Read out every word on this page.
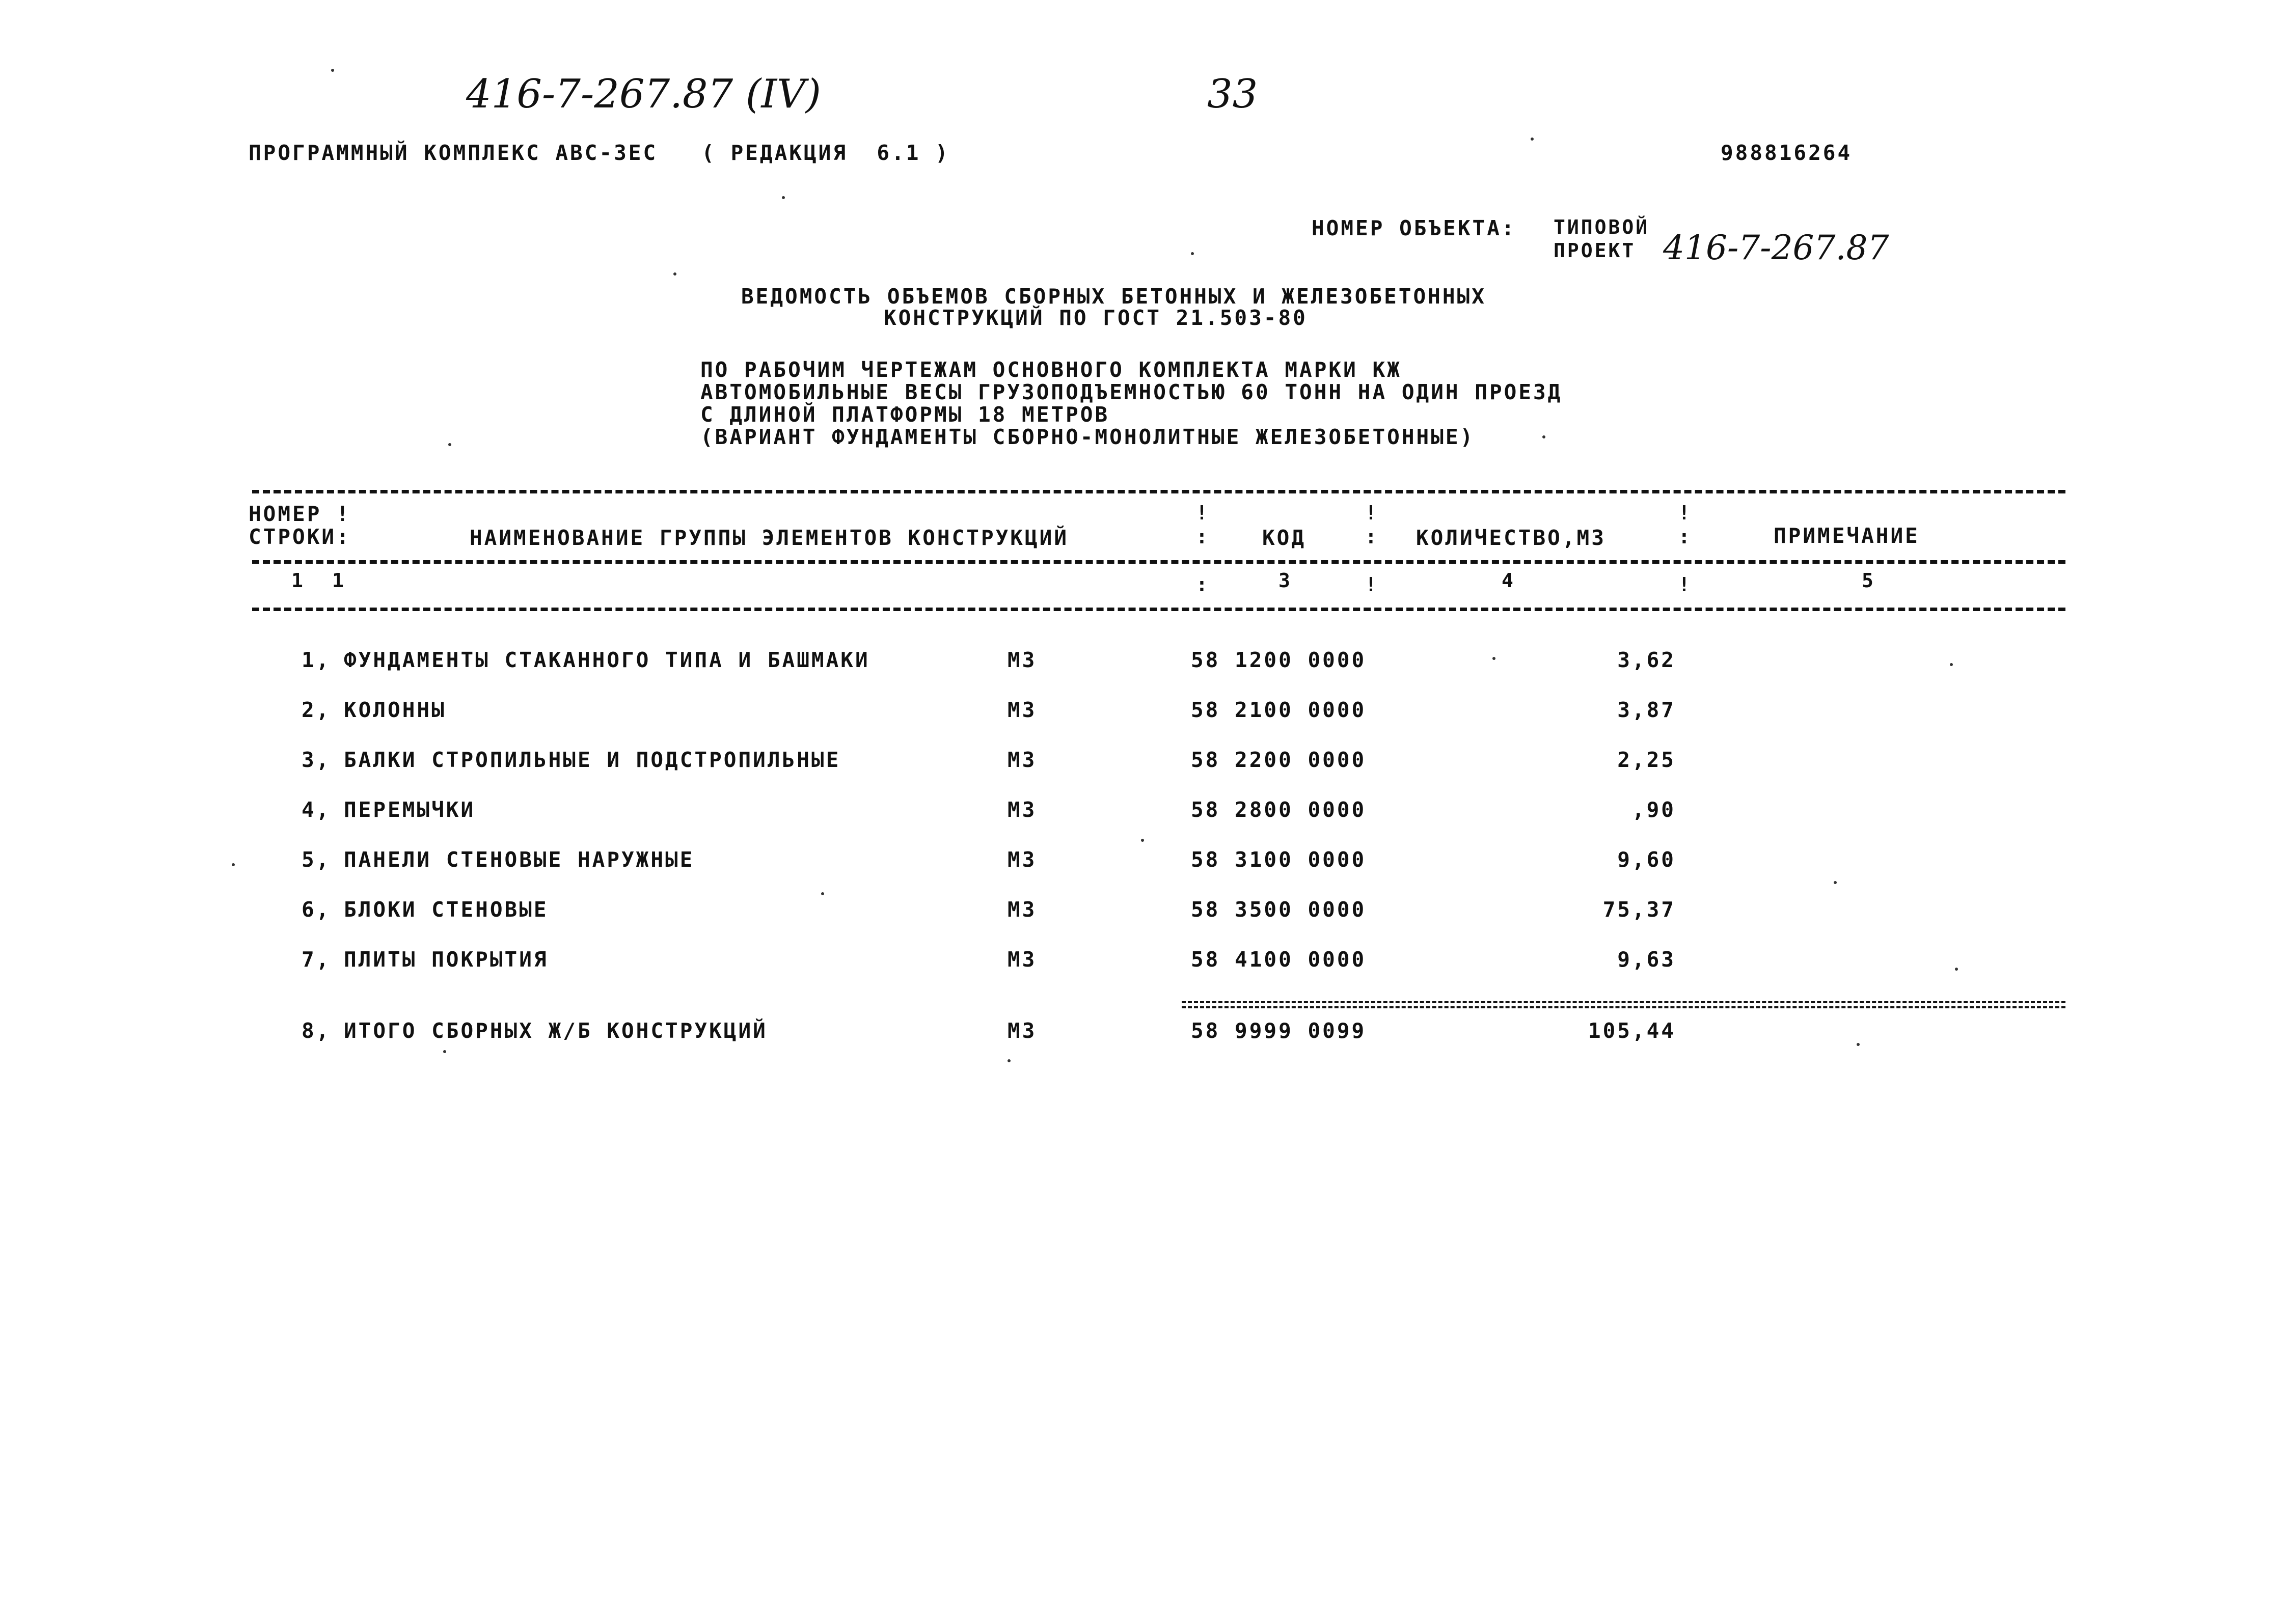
416-7-267.87 (IV)	33
ПРОГРАММНЫЙ КОМПЛЕКС АВС-3ЕС   ( РЕДАКЦИЯ  6.1 )	988816264
НОМЕР ОБЪЕКТА: ТИПОВОЙ
ПРОЕКТ 416-7-267.87
ВЕДОМОСТЬ ОБЪЕМОВ СБОРНЫХ БЕТОННЫХ И ЖЕЛЕЗОБЕТОННЫХ
КОНСТРУКЦИЙ ПО ГОСТ 21.503-80
ПО РАБОЧИМ ЧЕРТЕЖАМ ОСНОВНОГО КОМПЛЕКТА МАРКИ КЖ
АВТОМОБИЛЬНЫЕ ВЕСЫ ГРУЗОПОДЪЕМНОСТЬЮ 60 ТОНН НА ОДИН ПРОЕЗД
С ДЛИНОЙ ПЛАТФОРМЫ 18 МЕТРОВ
(ВАРИАНТ ФУНДАМЕНТЫ СБОРНО-МОНОЛИТНЫЕ ЖЕЛЕЗОБЕТОННЫЕ)
НОМЕР !
СТРОКИ:	НАИМЕНОВАНИЕ ГРУППЫ ЭЛЕМЕНТОВ КОНСТРУКЦИЙ	КОД	КОЛИЧЕСТВО,М3	ПРИМЕЧАНИЕ
!
:
!
:
!
:
1 1	:	3	!	4	!	5
1, ФУНДАМЕНТЫ СТАКАННОГО ТИПА И БАШМАКИ	М3	58 1200 0000	3,62
2, КОЛОННЫ	М3	58 2100 0000	3,87
3, БАЛКИ СТРОПИЛЬНЫЕ И ПОДСТРОПИЛЬНЫЕ	М3	58 2200 0000	2,25
4, ПЕРЕМЫЧКИ	М3	58 2800 0000	,90
5, ПАНЕЛИ СТЕНОВЫЕ НАРУЖНЫЕ	М3	58 3100 0000	9,60
6, БЛОКИ СТЕНОВЫЕ	М3	58 3500 0000	75,37
7, ПЛИТЫ ПОКРЫТИЯ	М3	58 4100 0000	9,63
8, ИТОГО СБОРНЫХ Ж/Б КОНСТРУКЦИЙ	М3	58 9999 0099	105,44
